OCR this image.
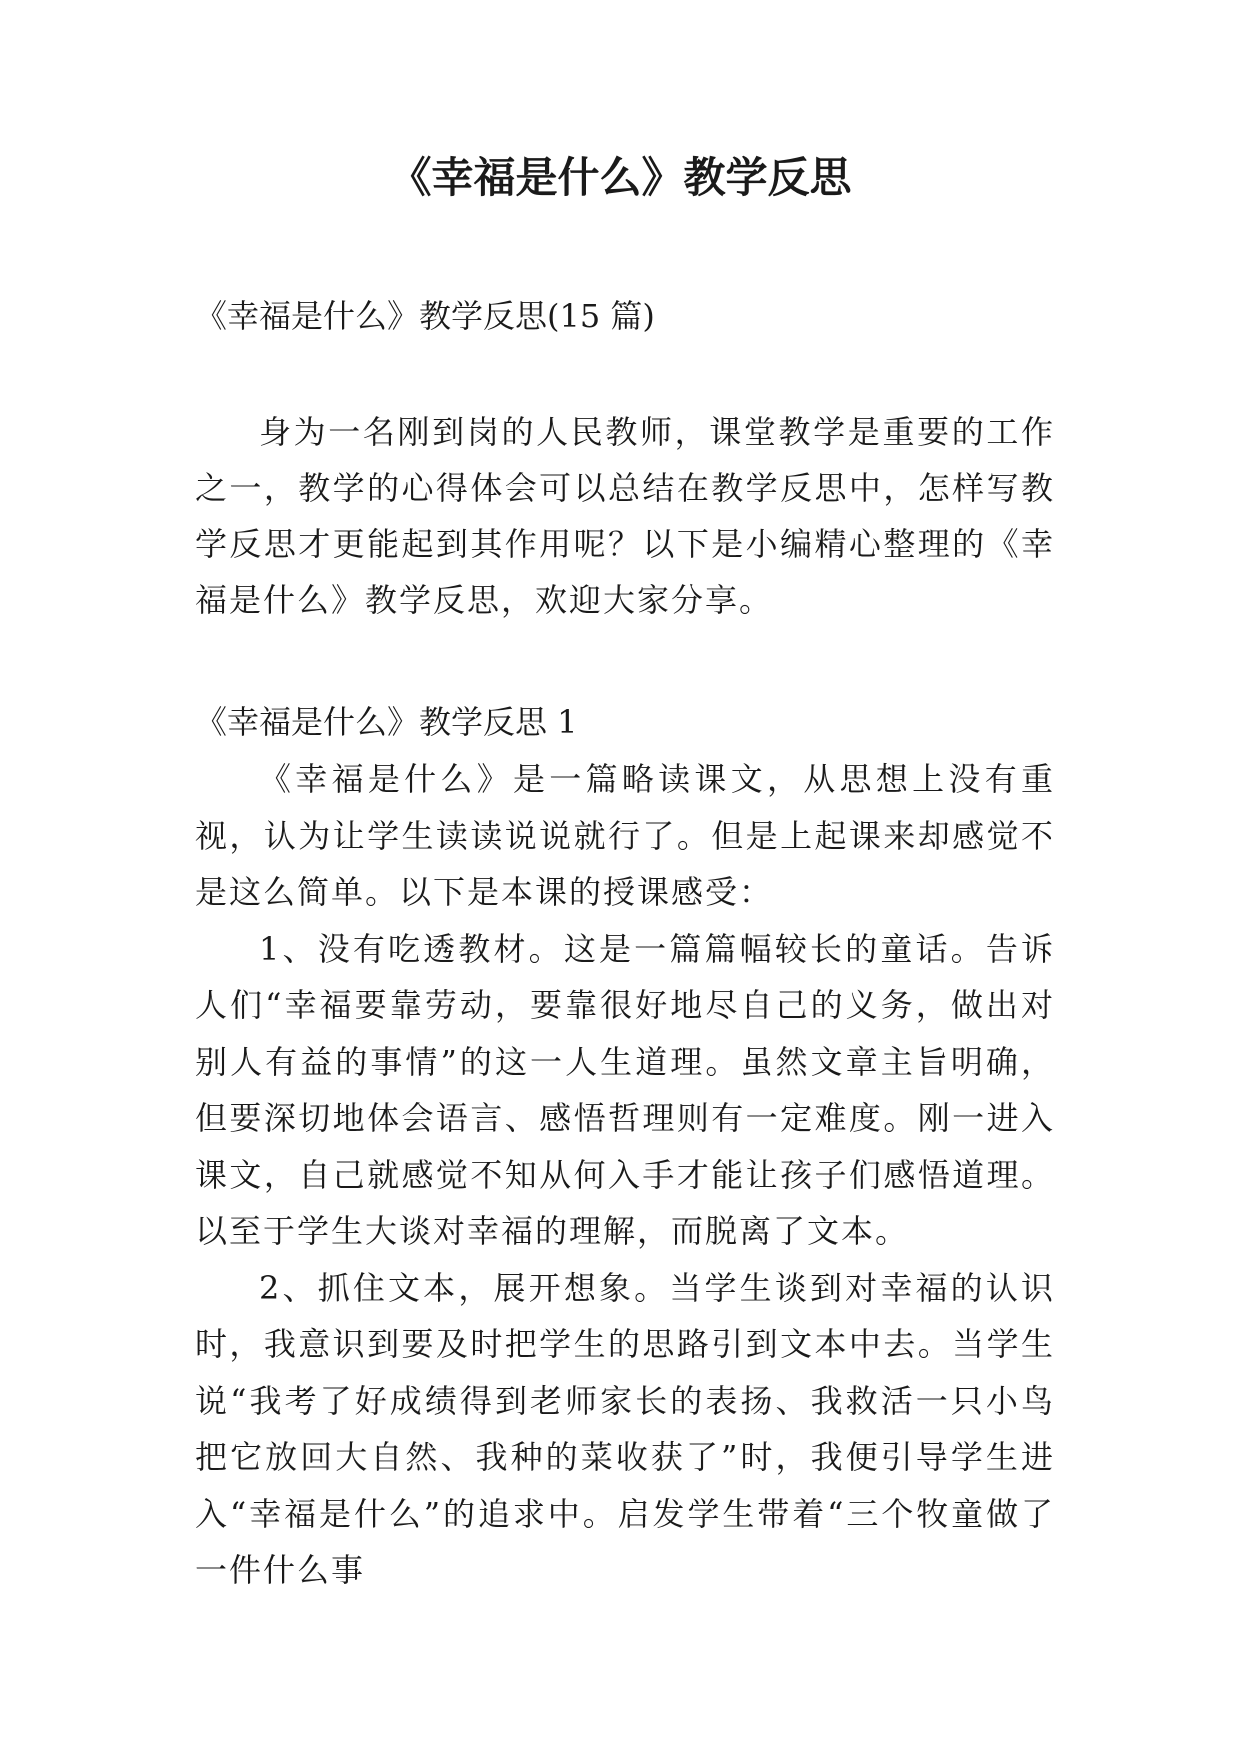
《幸福是什么》教学反思
《幸福是什么》教学反思(15 篇)

身为一名刚到岗的人民教师，课堂教学是重要的工作之一，教学的心得体会可以总结在教学反思中，怎样写教学反思才更能起到其作用呢？以下是小编精心整理的《幸福是什么》教学反思，欢迎大家分享。

《幸福是什么》教学反思 1

《幸福是什么》是一篇略读课文，从思想上没有重视，认为让学生读读说说就行了。但是上起课来却感觉不是这么简单。以下是本课的授课感受：

1、没有吃透教材。这是一篇篇幅较长的童话。告诉人们“幸福要靠劳动，要靠很好地尽自己的义务，做出对别人有益的事情”的这一人生道理。虽然文章主旨明确，但要深切地体会语言、感悟哲理则有一定难度。刚一进入课文，自己就感觉不知从何入手才能让孩子们感悟道理。以至于学生大谈对幸福的理解，而脱离了文本。

2、抓住文本，展开想象。当学生谈到对幸福的认识时，我意识到要及时把学生的思路引到文本中去。当学生说“我考了好成绩得到老师家长的表扬、我救活一只小鸟把它放回大自然、我种的菜收获了”时，我便引导学生进入“幸福是什么”的追求中。启发学生带着“三个牧童做了一件什么事
